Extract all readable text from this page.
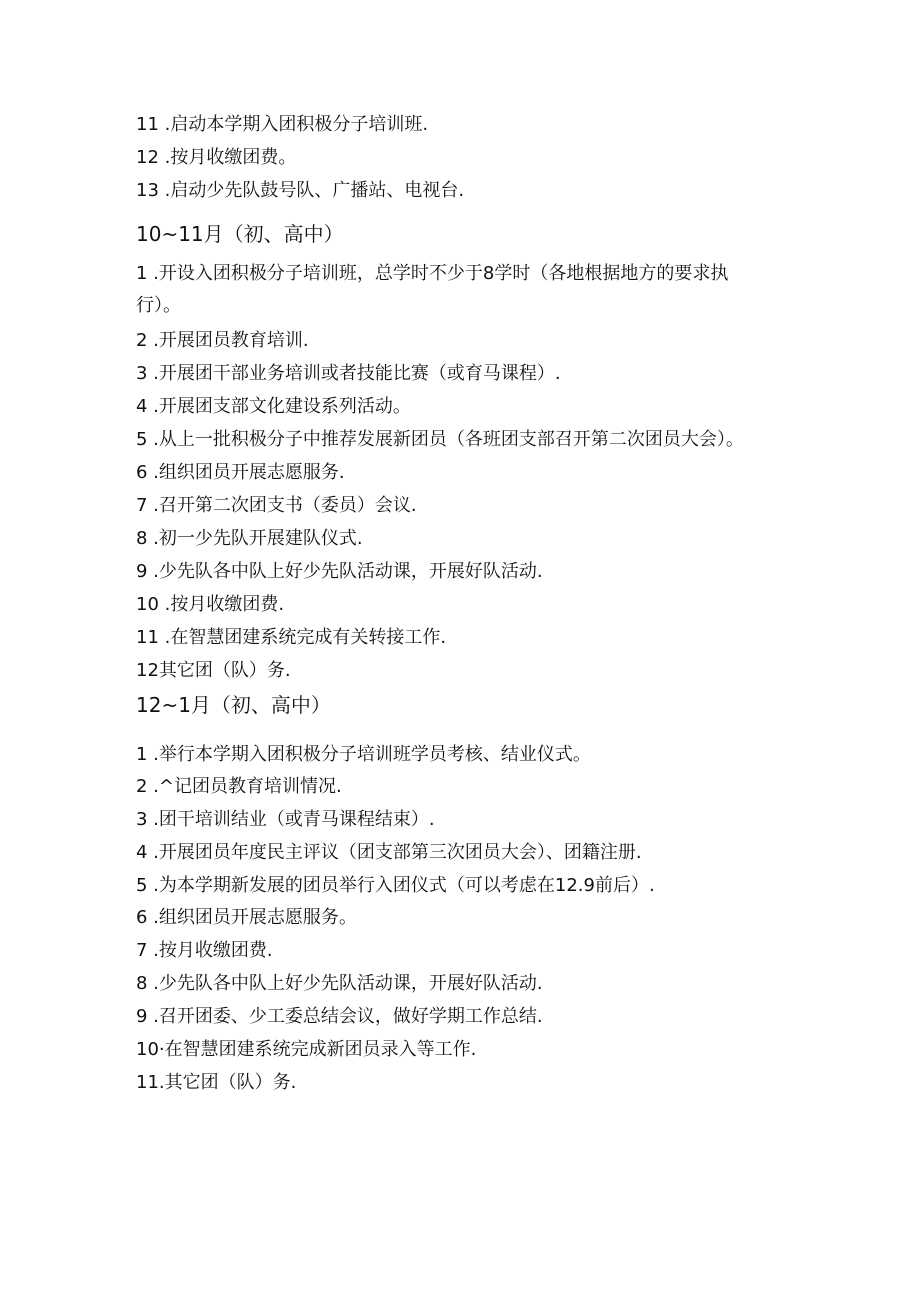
11 .启动本学期入团积极分子培训班.
12 .按月收缴团费。
13 .启动少先队鼓号队、广播站、电视台.
10~11月（初、高中）
1 .开设入团积极分子培训班，总学时不少于8学时（各地根据地方的要求执
行）。
2 .开展团员教育培训.
3 .开展团干部业务培训或者技能比赛（或育马课程）.
4 .开展团支部文化建设系列活动。
5 .从上一批积极分子中推荐发展新团员（各班团支部召开第二次团员大会）。
6 .组织团员开展志愿服务.
7 .召开第二次团支书（委员）会议.
8 .初一少先队开展建队仪式.
9 .少先队各中队上好少先队活动课，开展好队活动.
10 .按月收缴团费.
11 .在智慧团建系统完成有关转接工作.
12其它团（队）务.
12~1月（初、高中）
1 .举行本学期入团积极分子培训班学员考核、结业仪式。
2 .^记团员教育培训情况.
3 .团干培训结业（或青马课程结束）.
4 .开展团员年度民主评议（团支部第三次团员大会）、团籍注册.
5 .为本学期新发展的团员举行入团仪式（可以考虑在12.9前后）.
6 .组织团员开展志愿服务。
7 .按月收缴团费.
8 .少先队各中队上好少先队活动课，开展好队活动.
9 .召开团委、少工委总结会议，做好学期工作总结.
10·在智慧团建系统完成新团员录入等工作.
11.其它团（队）务.
